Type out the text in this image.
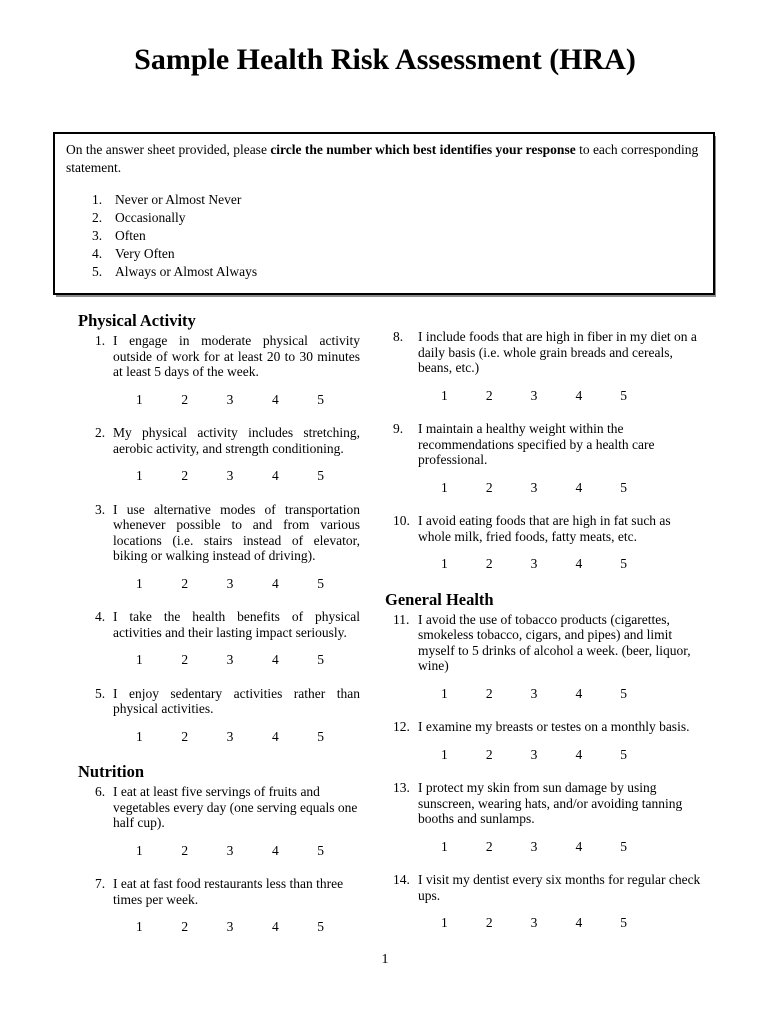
Sample Health Risk Assessment (HRA)

On the answer sheet provided, please circle the number which best identifies your response to each corresponding statement.

1. Never or Almost Never
2. Occasionally
3. Often
4. Very Often
5. Always or Almost Always
Physical Activity
1. I engage in moderate physical activity outside of work for at least 20 to 30 minutes at least 5 days of the week.
1	2	3	4	5
2. My physical activity includes stretching, aerobic activity, and strength conditioning.
1	2	3	4	5
3. I use alternative modes of transportation whenever possible to and from various locations (i.e. stairs instead of elevator, biking or walking instead of driving).
1	2	3	4	5
4. I take the health benefits of physical activities and their lasting impact seriously.
1	2	3	4	5
5. I enjoy sedentary activities rather than physical activities.
1	2	3	4	5
Nutrition
6. I eat at least five servings of fruits and vegetables every day (one serving equals one half cup).
1	2	3	4	5
7. I eat at fast food restaurants less than three times per week.
1	2	3	4	5
8.	I include foods that are high in fiber in my diet on a daily basis (i.e. whole grain breads and cereals, beans, etc.)
1	2	3	4	5
9.	I maintain a healthy weight within the recommendations specified by a health care professional.
1	2	3	4	5
10. I avoid eating foods that are high in fat such as whole milk, fried foods, fatty meats, etc.
1	2	3	4	5
General Health
11. I avoid the use of tobacco products (cigarettes, smokeless tobacco, cigars, and pipes) and limit myself to 5 drinks of alcohol a week. (beer, liquor, wine)
1	2	3	4	5
12. I examine my breasts or testes on a monthly basis.
1	2	3	4	5
13. I protect my skin from sun damage by using sunscreen, wearing hats, and/or avoiding tanning booths and sunlamps.
1	2	3	4	5
14. I visit my dentist every six months for regular check ups.
1	2	3	4	5
1
